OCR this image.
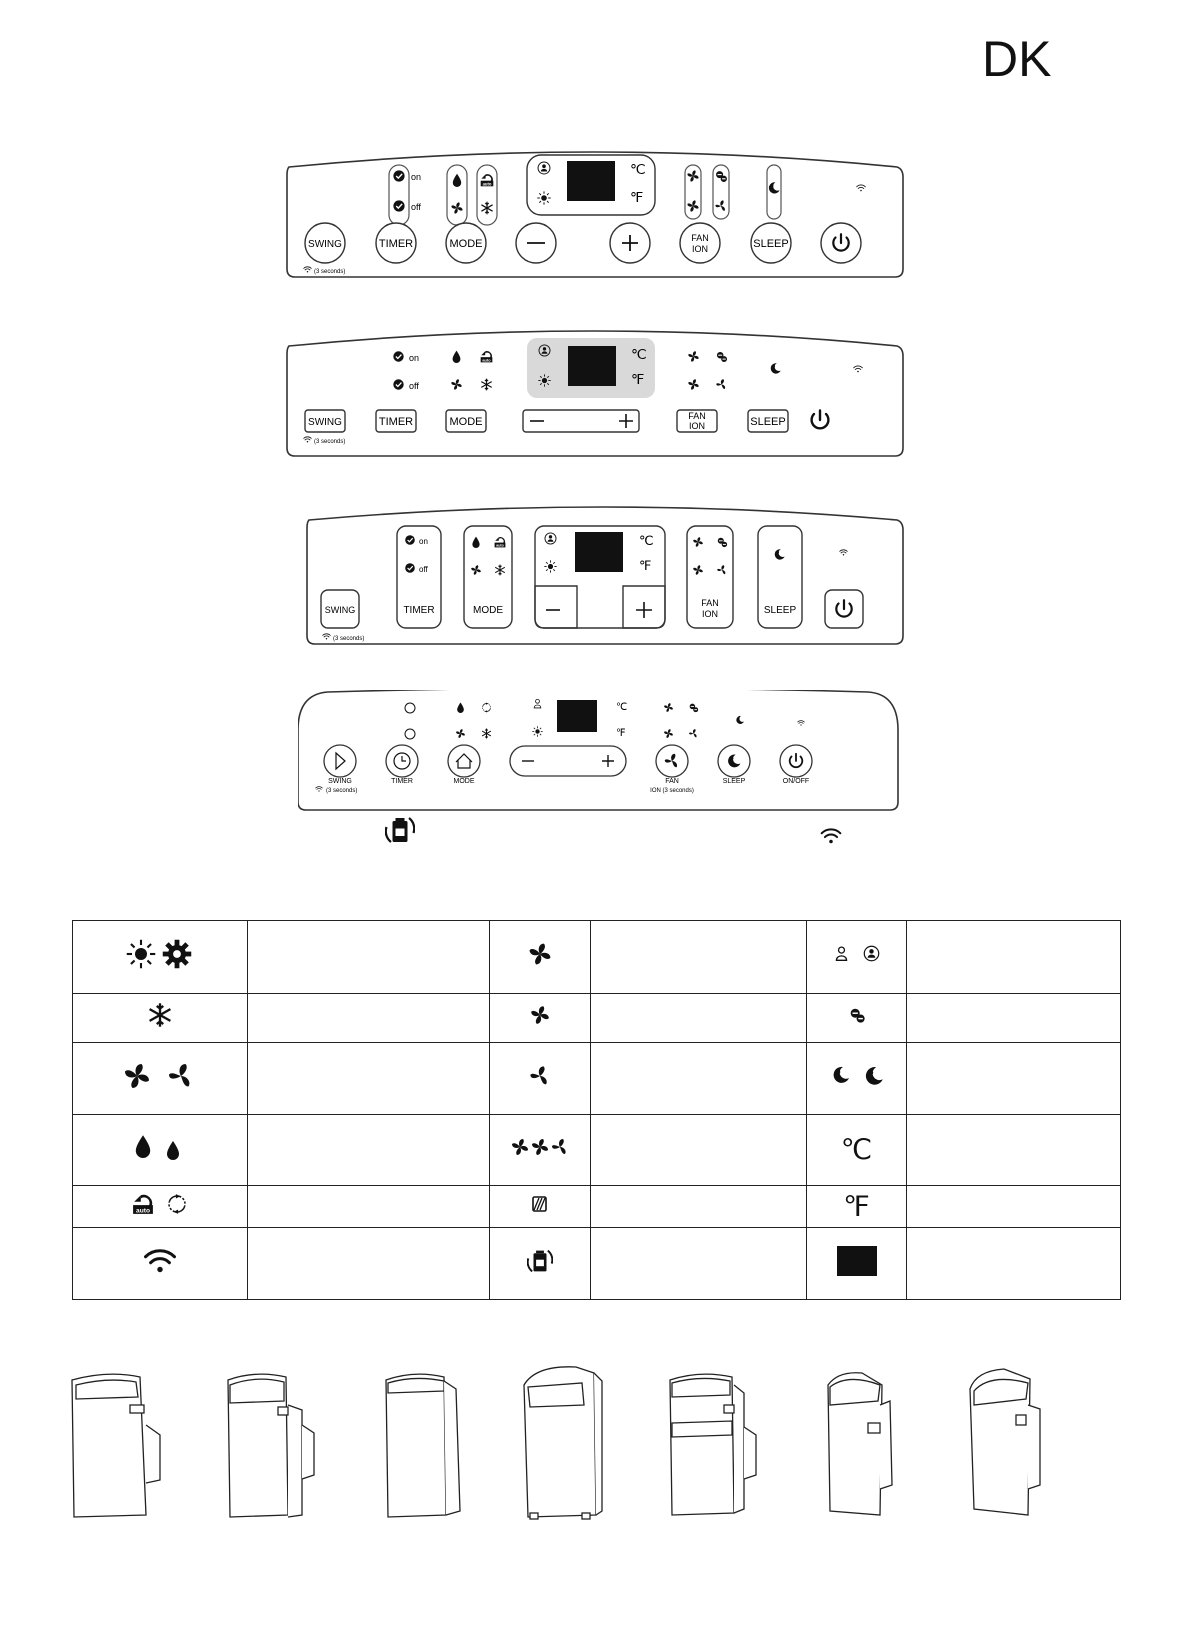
DK
on
off
℃
℉
SWING	TIMER	MODE	FAN
ION	SLEEP
(3 seconds)
on
off
℃
℉
SWING	TIMER	MODE	FAN
ION	SLEEP
(3 seconds)
on
off
TIMER	MODE
℃
℉
FAN
ION	SLEEP
SWING
(3 seconds)
℃
℉
SWING
(3 seconds)
TIMER	MODE	FAN
ION (3 seconds)
SLEEP	ON/OFF

				℃	
				℉	
